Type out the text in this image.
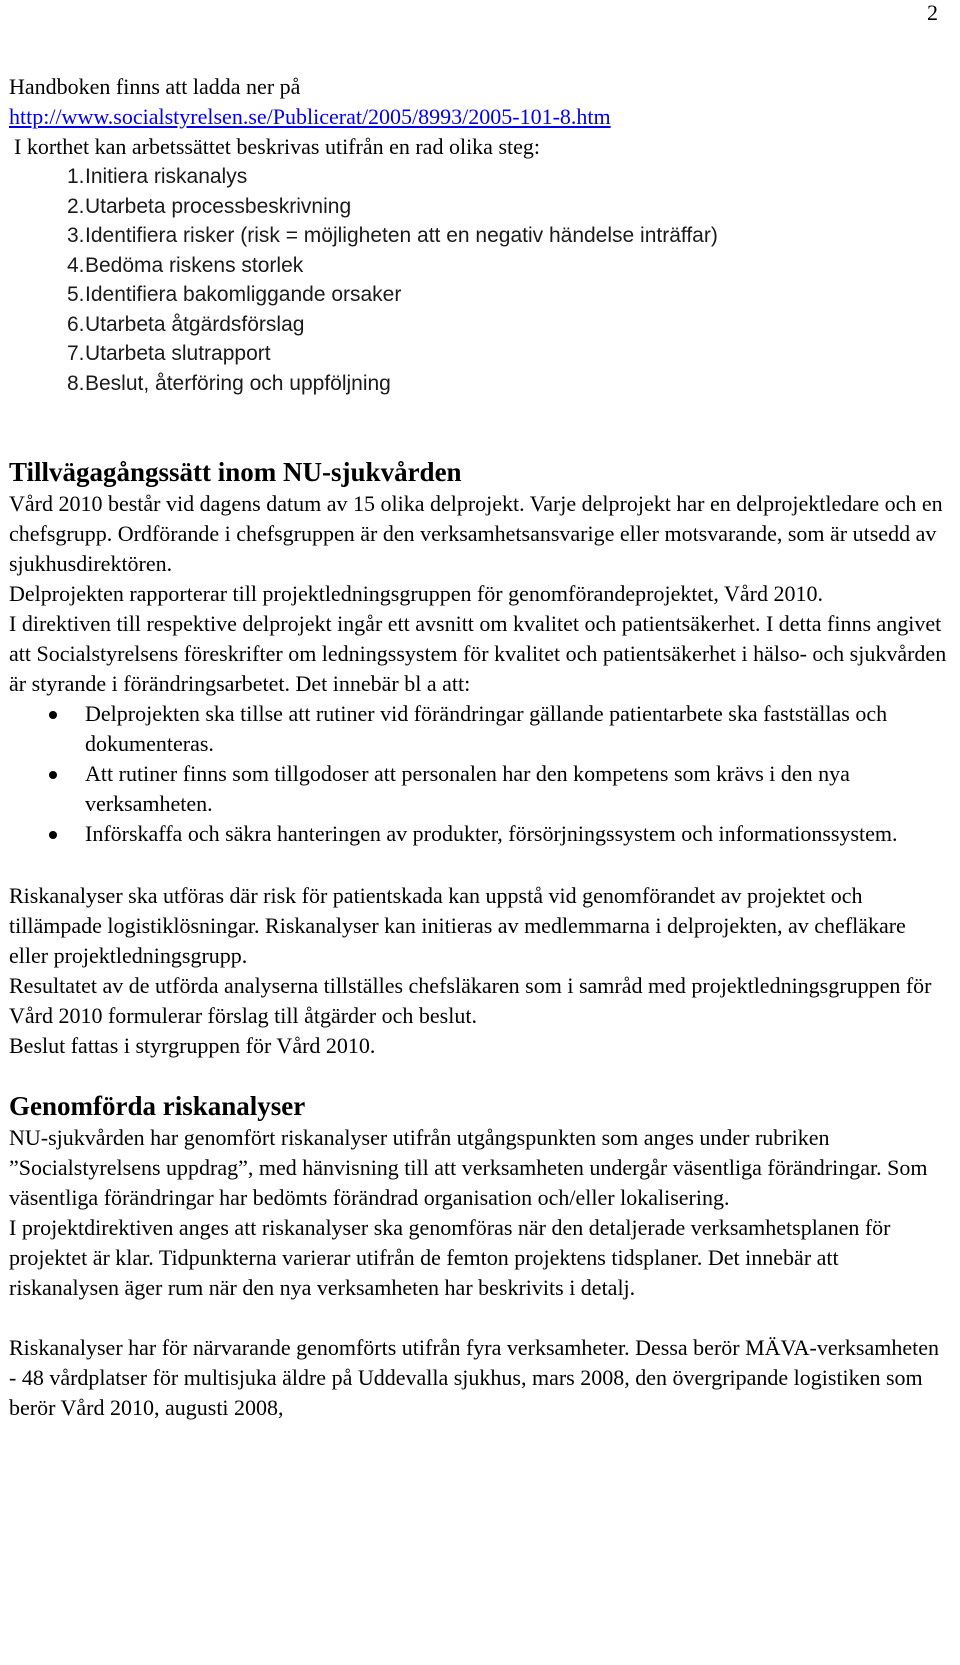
2

Handboken finns att ladda ner på

http://www.socialstyrelsen.se/Publicerat/2005/8993/2005-101-8.htm

I korthet kan arbetssättet beskrivas utifrån en rad olika steg:

1. Initiera riskanalys
2. Utarbeta processbeskrivning
3. Identifiera risker (risk = möjligheten att en negativ händelse inträffar)
4. Bedöma riskens storlek
5. Identifiera bakomliggande orsaker
6. Utarbeta åtgärdsförslag
7. Utarbeta slutrapport
8. Beslut, återföring och uppföljning
Tillvägagångssätt inom NU-sjukvården

Vård 2010 består vid dagens datum av 15 olika delprojekt. Varje delprojekt har en delprojektledare och en chefsgrupp. Ordförande i chefsgruppen är den verksamhetsansvarige eller motsvarande, som är utsedd av sjukhusdirektören.

Delprojekten rapporterar till projektledningsgruppen för genomförandeprojektet, Vård 2010.

I direktiven till respektive delprojekt ingår ett avsnitt om kvalitet och patientsäkerhet. I detta finns angivet att Socialstyrelsens föreskrifter om ledningssystem för kvalitet och patientsäkerhet i hälso- och sjukvården är styrande i förändringsarbetet. Det innebär bl a att:

Delprojekten ska tillse att rutiner vid förändringar gällande patientarbete ska fastställas och dokumenteras.
Att rutiner finns som tillgodoser att personalen har den kompetens som krävs i den nya verksamheten.
Införskaffa och säkra hanteringen av produkter, försörjningssystem och informationssystem.

Riskanalyser ska utföras där risk för patientskada kan uppstå vid genomförandet av projektet och tillämpade logistiklösningar. Riskanalyser kan initieras av medlemmarna i delprojekten, av chefläkare eller projektledningsgrupp.

Resultatet av de utförda analyserna tillställes chefsläkaren som i samråd med projektledningsgruppen för Vård 2010 formulerar förslag till åtgärder och beslut.

Beslut fattas i styrgruppen för Vård 2010.

Genomförda riskanalyser

NU-sjukvården har genomfört riskanalyser utifrån utgångspunkten som anges under rubriken ”Socialstyrelsens uppdrag”, med hänvisning till att verksamheten undergår väsentliga förändringar. Som väsentliga förändringar har bedömts förändrad organisation och/eller lokalisering.

I projektdirektiven anges att riskanalyser ska genomföras när den detaljerade verksamhetsplanen för projektet är klar. Tidpunkterna varierar utifrån de femton projektens tidsplaner. Det innebär att riskanalysen äger rum när den nya verksamheten har beskrivits i detalj.

Riskanalyser har för närvarande genomförts utifrån fyra verksamheter. Dessa berör MÄVA-verksamheten - 48 vårdplatser för multisjuka äldre på Uddevalla sjukhus, mars 2008, den övergripande logistiken som berör Vård 2010, augusti 2008,
